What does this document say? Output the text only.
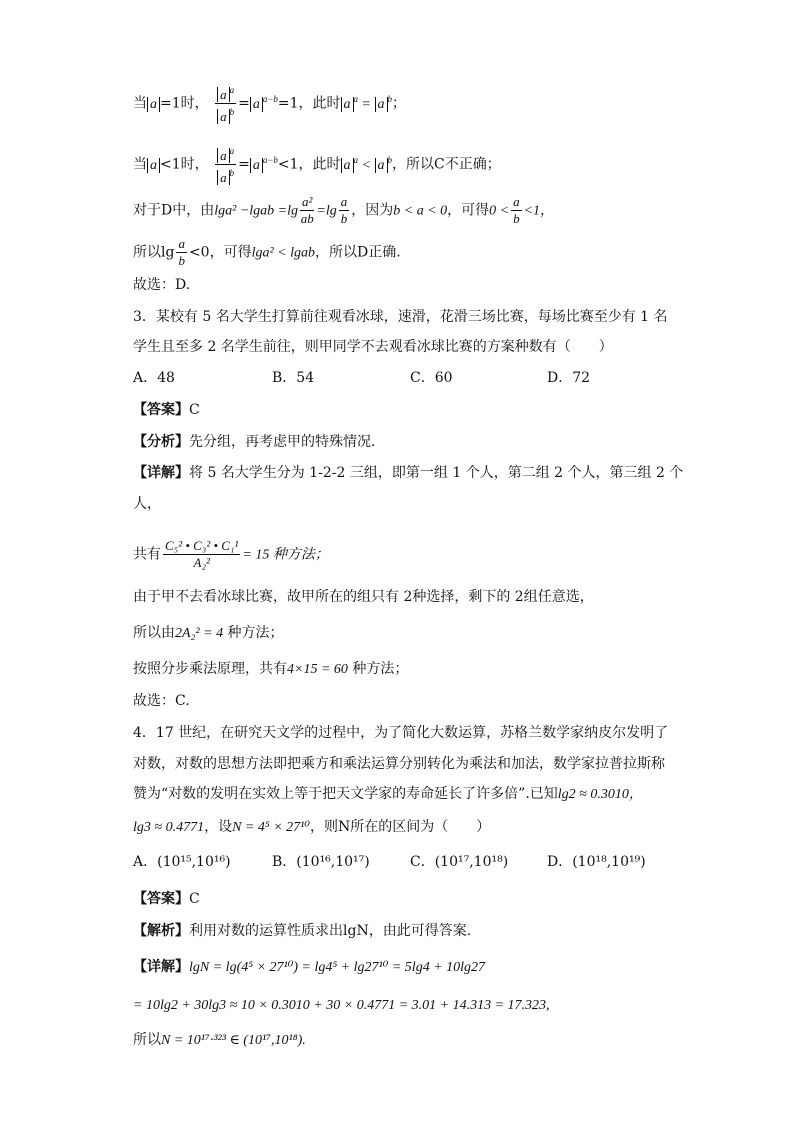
当 a =1时， $\frac{a ^a}{a ^b} = a$ $^{a-b}$=1，此时 a $^a$ = a $^b$；
当 a <1时， $\frac{a ^a}{a ^b} = a$ $^{a-b}$<1，此时 a $^a$ < a $^b$，所以C不正确；
对于D中，由lga² −lgab $=\lg \frac{\text{a²}}{ab} =\lg \frac{a}{b}$ ，因为b < a < 0，可得$0 < \frac{a}{b} <1$，
所以$\lg \frac{a}{b} <0$，可得lga² < lgab，所以D正确.
故选：D.
3．某校有 5 名大学生打算前往观看冰球，速滑，花滑三场比赛，每场比赛至少有 1 名
学生且至多 2 名学生前往，则甲同学不去观看冰球比赛的方案种数有（　　）
A．48	B．54	C．60	D．72
【答案】C
【分析】先分组，再考虑甲的特殊情况.
【详解】将 5 名大学生分为 1-2-2 三组，即第一组 1 个人，第二组 2 个人，第三组 2 个
人，
共有 $\frac{\text{C₅² • C₃² • C₁¹}}{\text{A₂²}} = 15$ 种方法；
由于甲不去看冰球比赛，故甲所在的组只有 2种选择，剩下的 2组任意选，
所以由2A₂² = 4 种方法；
按照分步乘法原理，共有4×15 = 60 种方法；
故选：C.
4．17 世纪，在研究天文学的过程中，为了简化大数运算，苏格兰数学家纳皮尔发明了
对数，对数的思想方法即把乘方和乘法运算分别转化为乘法和加法，数学家拉普拉斯称
赞为“对数的发明在实效上等于把天文学家的寿命延长了许多倍”.已知lg2 ≈ 0.3010，
lg3 ≈ 0.4771，设N = 4⁵ × 27¹⁰，则N所在的区间为（　　）
A．(10¹⁵,10¹⁶)	B．(10¹⁶,10¹⁷)	C．(10¹⁷,10¹⁸)	D．(10¹⁸,10¹⁹)
【答案】C
【解析】利用对数的运算性质求出lgN，由此可得答案.
【详解】lgN = lg(4⁵ × 27¹⁰) = lg4⁵ + lg27¹⁰ = 5lg4 + 10lg27
= 10lg2 + 30lg3 ≈ 10 × 0.3010 + 30 × 0.4771 = 3.01 + 14.313 = 17.323,
所以N = 10¹⁷·³²³ ∈ (10¹⁷,10¹⁸).
